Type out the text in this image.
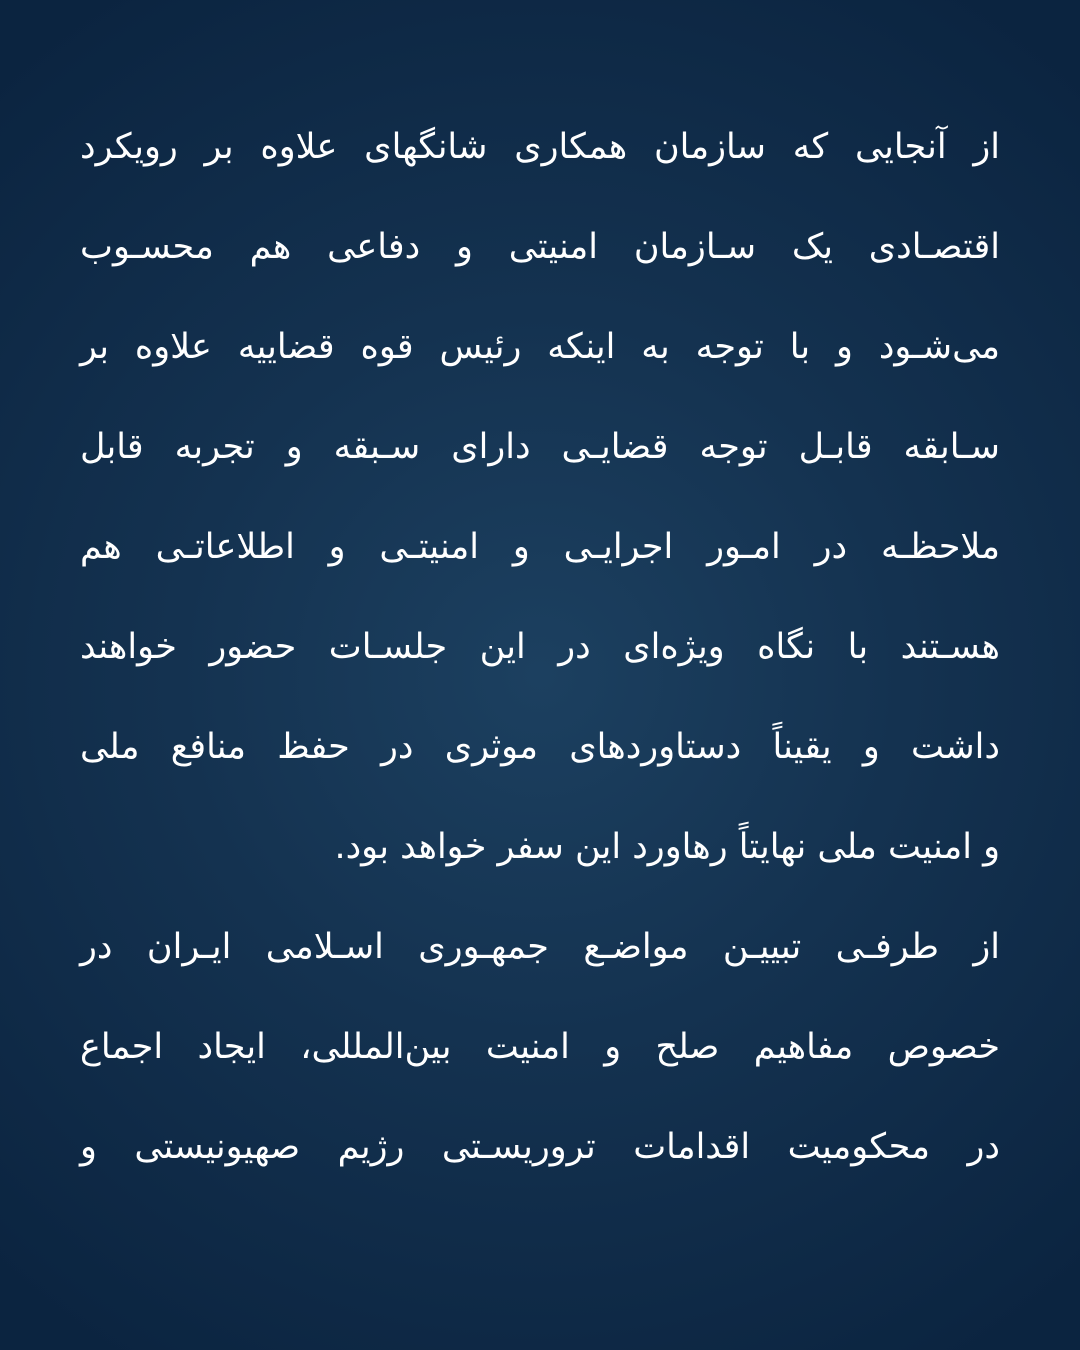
از آنجایی که سازمان همکاری شانگهای علاوه بر رویکرد
اقتصـادی یک سـازمان امنیتی و دفاعی هم محسـوب
می‌شـود و با توجه به اینکه رئیس قوه قضاییه علاوه بر
سـابقه قابـل توجه قضایـی دارای سـبقه و تجربه قابل
ملاحظـه در امـور اجرایـی و امنیتـی و اطلاعاتـی هم
هسـتند با نگاه ویژه‌ای در این جلسـات حضور خواهند
داشت و یقیناً دستاوردهای موثری در حفظ منافع ملی
و امنیت ملی نهایتاً رهاورد این سفر خواهد بود.
از طرفـی تبییـن مواضـع جمهـوری اسـلامی ایـران در
خصوص مفاهیم صلح و امنیت بین‌المللی، ایجاد اجماع
در محکومیت اقدامات تروریسـتی رژیم صهیونیستی و
